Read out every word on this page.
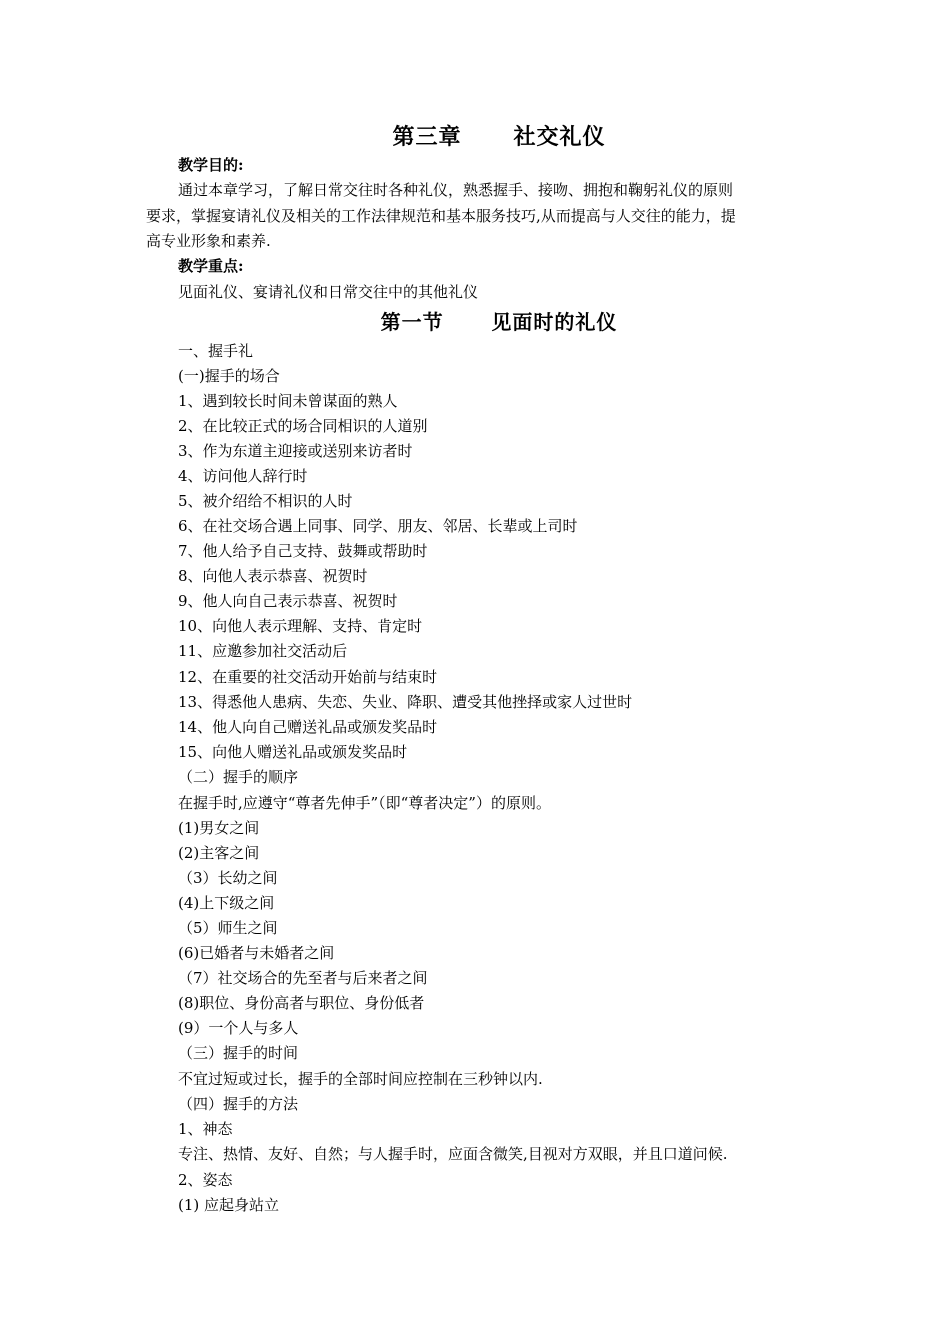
第三章      社交礼仪
教学目的:
通过本章学习，了解日常交往时各种礼仪，熟悉握手、接吻、拥抱和鞠躬礼仪的原则
要求，掌握宴请礼仪及相关的工作法律规范和基本服务技巧,从而提高与人交往的能力，提
高专业形象和素养.
教学重点:
见面礼仪、宴请礼仪和日常交往中的其他礼仪
第一节      见面时的礼仪
一、握手礼
(一)握手的场合
1、遇到较长时间未曾谋面的熟人
2、在比较正式的场合同相识的人道别
3、作为东道主迎接或送别来访者时
4、访问他人辞行时
5、被介绍给不相识的人时
6、在社交场合遇上同事、同学、朋友、邻居、长辈或上司时
7、他人给予自己支持、鼓舞或帮助时
8、向他人表示恭喜、祝贺时
9、他人向自己表示恭喜、祝贺时
10、向他人表示理解、支持、肯定时
11、应邀参加社交活动后
12、在重要的社交活动开始前与结束时
13、得悉他人患病、失恋、失业、降职、遭受其他挫择或家人过世时
14、他人向自己赠送礼品或颁发奖品时
15、向他人赠送礼品或颁发奖品时
（二）握手的顺序
在握手时,应遵守“尊者先伸手”（即“尊者决定”）的原则。
(1)男女之间
(2)主客之间
（3）长幼之间
(4)上下级之间
（5）师生之间
(6)已婚者与未婚者之间
（7）社交场合的先至者与后来者之间
(8)职位、身份高者与职位、身份低者
(9）一个人与多人
（三）握手的时间
不宜过短或过长，握手的全部时间应控制在三秒钟以内.
（四）握手的方法
1、神态
专注、热情、友好、自然；与人握手时，应面含微笑,目视对方双眼，并且口道问候.
2、姿态
(1) 应起身站立
